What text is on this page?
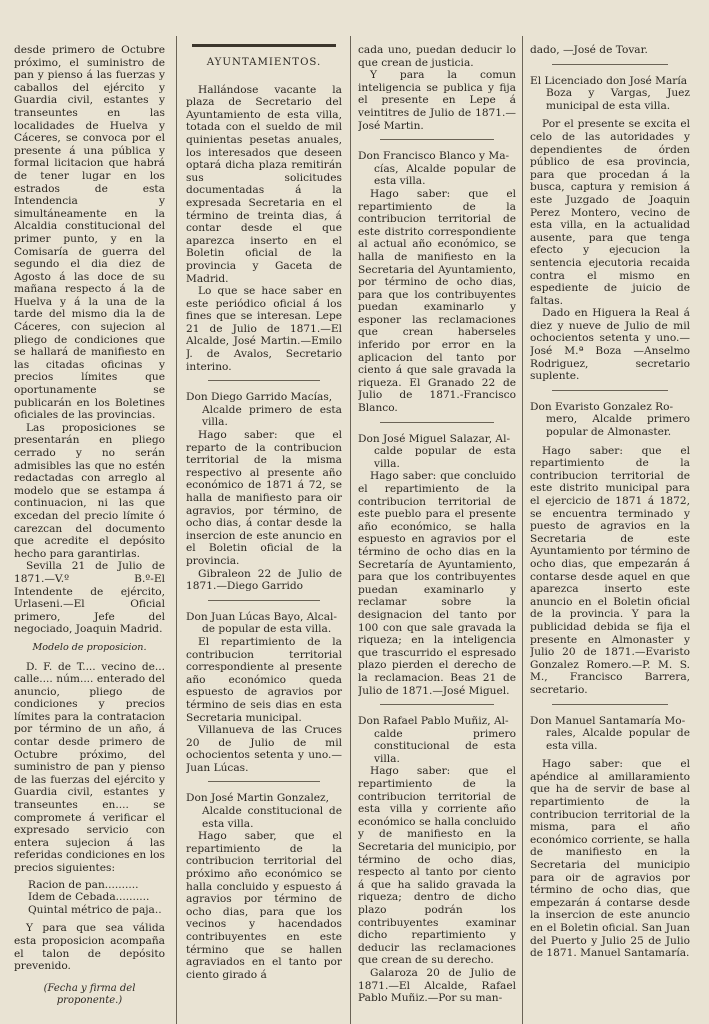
desde primero de Octubre próximo, el suministro de pan y pienso á las fuerzas y caballos del ejército y Guardia civil, estantes y transeuntes en las localidades de Huelva y Cáceres, se convoca por el presente á una pública y formal licitacion que habrá de tener lugar en los estrados de esta Intendencia y simultáneamente en la Alcaldia constitucional del primer punto, y en la Comisaría de guerra del segundo el dia diez de Agosto á las doce de su mañana respecto á la de Huelva y á la una de la tarde del mismo dia la de Cáceres, con sujecion al pliego de condiciones que se hallará de manifiesto en las citadas oficinas y precios límites que oportunamente se publicarán en los Boletines oficiales de las provincias.

Las proposiciones se presentarán en pliego cerrado y no serán admisibles las que no estén redactadas con arreglo al modelo que se estampa á continuacion, ni las que excedan del precio límite ó carezcan del documento que acredite el depósito hecho para garantirlas.

Sevilla 21 de Julio de 1871.—V.º B.º-El Intendente de ejército, Urlaseni.—El Oficial primero, Jefe del negociado, Joaquin Madrid.

Modelo de proposicion.

D. F. de T.... vecino de... calle.... núm.... enterado del anuncio, pliego de condiciones y precios límites para la contratacion por término de un año, á contar desde primero de Octubre próximo, del suministro de pan y pienso de las fuerzas del ejército y Guardia civil, estantes y transeuntes en.... se compromete á verificar el expresado servicio con entera sujecion á las referidas condiciones en los precios siguientes:

Racion de pan..........

Idem de Cebada..........

Quintal métrico de paja..

Y para que sea válida esta proposicion acompaña el talon de depósito prevenido.

(Fecha y firma del proponente.)
AYUNTAMIENTOS.

Hallándose vacante la plaza de Secretario del Ayuntamiento de esta villa, totada con el sueldo de mil quinientas pesetas anuales, los interesados que deseen optará dicha plaza remitirán sus solicitudes documentadas á la expresada Secretaria en el término de treinta dias, á contar desde el que aparezca inserto en el Boletin oficial de la provincia y Gaceta de Madrid.

Lo que se hace saber en este periódico oficial á los fines que se interesan. Lepe 21 de Julio de 1871.—El Alcalde, José Martin.—Emilo J. de Avalos, Secretario interino.

Don Diego Garrido Macías,
Alcalde primero de esta villa.

Hago saber: que el reparto de la contribucion territorial de la misma respectivo al presente año económico de 1871 á 72, se halla de manifiesto para oir agravios, por término, de ocho dias, á contar desde la insercion de este anuncio en el Boletin oficial de la provincia.

Gibraleon 22 de Julio de 1871.—Diego Garrido

Don Juan Lúcas Bayo, Alcal-
de popular de esta villa.

El repartimiento de la contribucion territorial correspondiente al presente año económico queda espuesto de agravios por término de seis dias en esta Secretaria municipal.

Villanueva de las Cruces 20 de Julio de mil ochocientos setenta y uno.—Juan Lúcas.

Don José Martin Gonzalez,
Alcalde constitucional de esta villa.

Hago saber, que el repartimiento de la contribucion territorial del próximo año económico se halla concluido y espuesto á agravios por término de ocho dias, para que los vecinos y hacendados contribuyentes en este término que se hallen agraviados en el tanto por ciento girado á

cada uno, puedan deducir lo que crean de justicia.

Y para la comun inteligencia se publica y fija el presente en Lepe á veintitres de Julio de 1871.—José Martin.

Don Francisco Blanco y Ma-
cías, Alcalde popular de esta villa.

Hago saber: que el repartimiento de la contribucion territorial de este distrito correspondiente al actual año económico, se halla de manifiesto en la Secretaria del Ayuntamiento, por término de ocho dias, para que los contribuyentes puedan examinarlo y esponer las reclamaciones que crean haberseles inferido por error en la aplicacion del tanto por ciento á que sale gravada la riqueza. El Granado 22 de Julio de 1871.-Francisco Blanco.

Don José Miguel Salazar, Al-
calde popular de esta villa.

Hago saber: que concluido el repartimiento de la contribucion territorial de este pueblo para el presente año económico, se halla espuesto en agravios por el término de ocho dias en la Secretaría de Ayuntamiento, para que los contribuyentes puedan examinarlo y reclamar sobre la designacion del tanto por 100 con que sale gravada la riqueza; en la inteligencia que trascurrido el espresado plazo pierden el derecho de la reclamacion. Beas 21 de Julio de 1871.—José Miguel.

Don Rafael Pablo Muñiz, Al-
calde primero constitucional de esta villa.

Hago saber: que el repartimiento de la contribucion territorial de esta villa y corriente año económico se halla concluido y de manifiesto en la Secretaria del municipio, por término de ocho dias, respecto al tanto por ciento á que ha salido gravada la riqueza; dentro de dicho plazo podrán los contribuyentes examinar dicho repartimiento y deducir las reclamaciones que crean de su derecho.

Galaroza 20 de Julio de 1871.—El Alcalde, Rafael Pablo Muñiz.—Por su man-

dado, —José de Tovar.

El Licenciado don José María
Boza y Vargas, Juez municipal de esta villa.

Por el presente se excita el celo de las autoridades y dependientes de órden público de esa provincia, para que procedan á la busca, captura y remision á este Juzgado de Joaquin Perez Montero, vecino de esta villa, en la actualidad ausente, para que tenga efecto y ejecucion la sentencia ejecutoria recaida contra el mismo en espediente de juicio de faltas.

Dado en Higuera la Real á diez y nueve de Julio de mil ochocientos setenta y uno.—José M.ª Boza —Anselmo Rodriguez, secretario suplente.

Don Evaristo Gonzalez Ro-
mero, Alcalde primero popular de Almonaster.

Hago saber: que el repartimiento de la contribucion territorial de este distrito municipal para el ejercicio de 1871 á 1872, se encuentra terminado y puesto de agravios en la Secretaria de este Ayuntamiento por término de ocho dias, que empezarán á contarse desde aquel en que aparezca inserto este anuncio en el Boletin oficial de la provincia. Y para la publicidad debida se fija el presente en Almonaster y Julio 20 de 1871.—Evaristo Gonzalez Romero.—P. M. S. M., Francisco Barrera, secretario.

Don Manuel Santamaría Mo-
rales, Alcalde popular de esta villa.

Hago saber: que el apéndice al amillaramiento que ha de servir de base al repartimiento de la contribucion territorial de la misma, para el año económico corriente, se halla de manifiesto en la Secretaria del municipio para oir de agravios por término de ocho dias, que empezarán á contarse desde la insercion de este anuncio en el Boletin oficial. San Juan del Puerto y Julio 25 de Julio de 1871. Manuel Santamaría.
